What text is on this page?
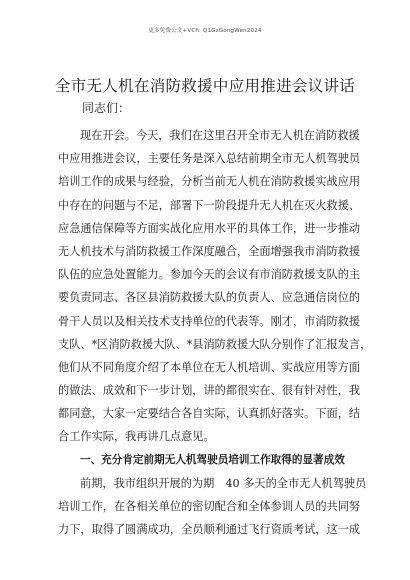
更多免费公文+VCh: Q1GzGongWen2024
全市无人机在消防救援中应用推进会议讲话

同志们：

现在开会。今天，我们在这里召开全市无人机在消防救援
中应用推进会议，主要任务是深入总结前期全市无人机驾驶员
培训工作的成果与经验，分析当前无人机在消防救援实战应用
中存在的问题与不足，部署下一阶段提升无人机在灭火救援、
应急通信保障等方面实战化应用水平的具体工作，进一步推动
无人机技术与消防救援工作深度融合，全面增强我市消防救援
队伍的应急处置能力。参加今天的会议有市消防救援支队的主
要负责同志、各区县消防救援大队的负责人、应急通信岗位的
骨干人员以及相关技术支持单位的代表等。刚才，市消防救援
支队、*区消防救援大队、*县消防救援大队分别作了汇报发言，
他们从不同角度介绍了本单位在无人机培训、实战应用等方面
的做法、成效和下一步计划，讲的都很实在、很有针对性，我
都同意，大家一定要结合各自实际，认真抓好落实。下面，结
合工作实际，我再讲几点意见。
一、充分肯定前期无人机驾驶员培训工作取得的显著成效
前期，我市组织开展的为期　40 多天的全市无人机驾驶员
培训工作，在各相关单位的密切配合和全体参训人员的共同努
力下，取得了圆满成功，全员顺利通过飞行资质考试，这一成
